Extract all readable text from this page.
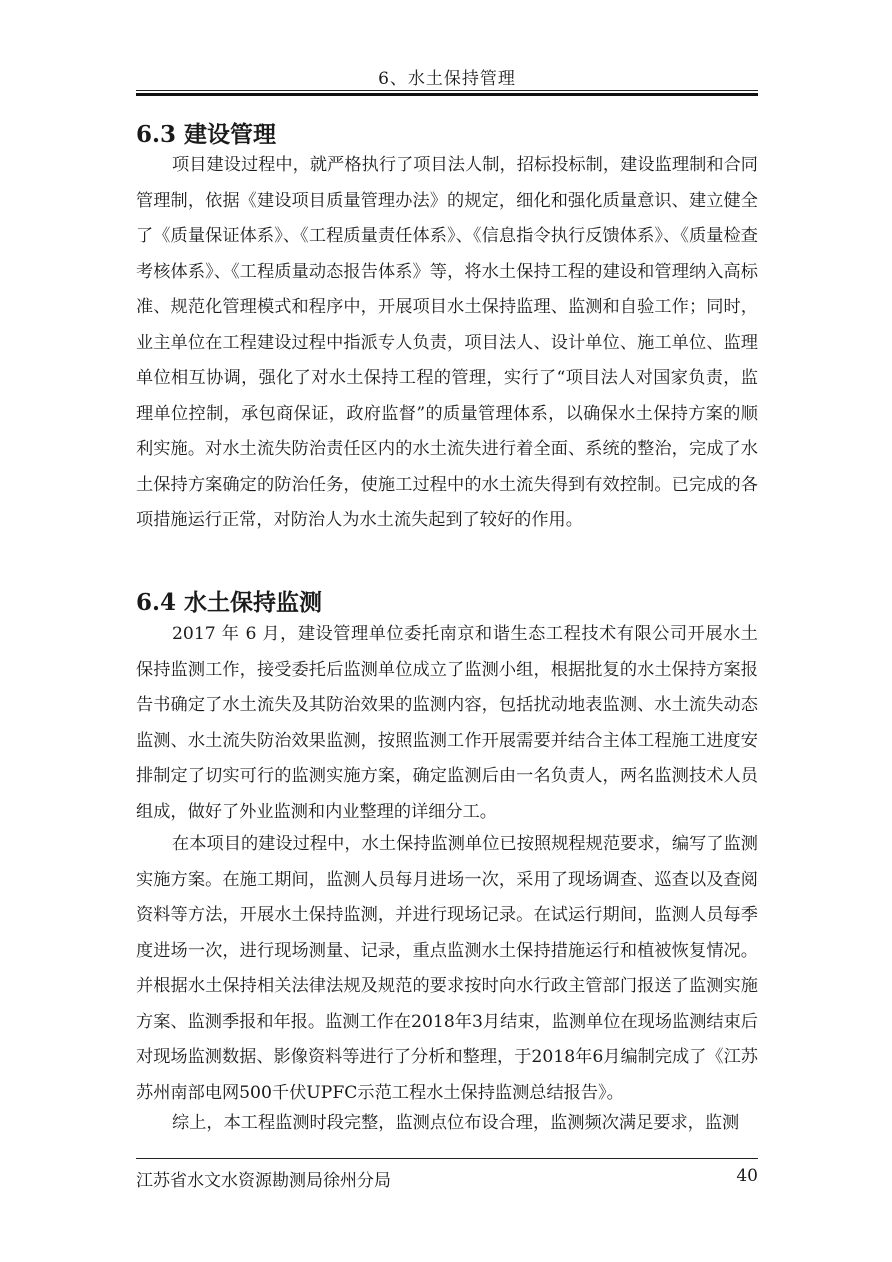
6、水土保持管理
6.3 建设管理

项目建设过程中，就严格执行了项目法人制，招标投标制，建设监理制和合同管理制，依据《建设项目质量管理办法》的规定，细化和强化质量意识、建立健全了《质量保证体系》、《工程质量责任体系》、《信息指令执行反馈体系》、《质量检查考核体系》、《工程质量动态报告体系》等，将水土保持工程的建设和管理纳入高标准、规范化管理模式和程序中，开展项目水土保持监理、监测和自验工作；同时，业主单位在工程建设过程中指派专人负责，项目法人、设计单位、施工单位、监理单位相互协调，强化了对水土保持工程的管理，实行了“项目法人对国家负责，监理单位控制，承包商保证，政府监督”的质量管理体系，以确保水土保持方案的顺利实施。对水土流失防治责任区内的水土流失进行着全面、系统的整治，完成了水土保持方案确定的防治任务，使施工过程中的水土流失得到有效控制。已完成的各项措施运行正常，对防治人为水土流失起到了较好的作用。

6.4 水土保持监测

2017 年 6 月，建设管理单位委托南京和谐生态工程技术有限公司开展水土保持监测工作，接受委托后监测单位成立了监测小组，根据批复的水土保持方案报告书确定了水土流失及其防治效果的监测内容，包括扰动地表监测、水土流失动态监测、水土流失防治效果监测，按照监测工作开展需要并结合主体工程施工进度安排制定了切实可行的监测实施方案，确定监测后由一名负责人，两名监测技术人员组成，做好了外业监测和内业整理的详细分工。

在本项目的建设过程中，水土保持监测单位已按照规程规范要求，编写了监测实施方案。在施工期间，监测人员每月进场一次，采用了现场调查、巡查以及查阅资料等方法，开展水土保持监测，并进行现场记录。在试运行期间，监测人员每季度进场一次，进行现场测量、记录，重点监测水土保持措施运行和植被恢复情况。并根据水土保持相关法律法规及规范的要求按时向水行政主管部门报送了监测实施方案、监测季报和年报。监测工作在2018年3月结束，监测单位在现场监测结束后对现场监测数据、影像资料等进行了分析和整理，于2018年6月编制完成了《江苏苏州南部电网500千伏UPFC示范工程水土保持监测总结报告》。

综上，本工程监测时段完整，监测点位布设合理，监测频次满足要求，监测

江苏省水文水资源勘测局徐州分局	40
